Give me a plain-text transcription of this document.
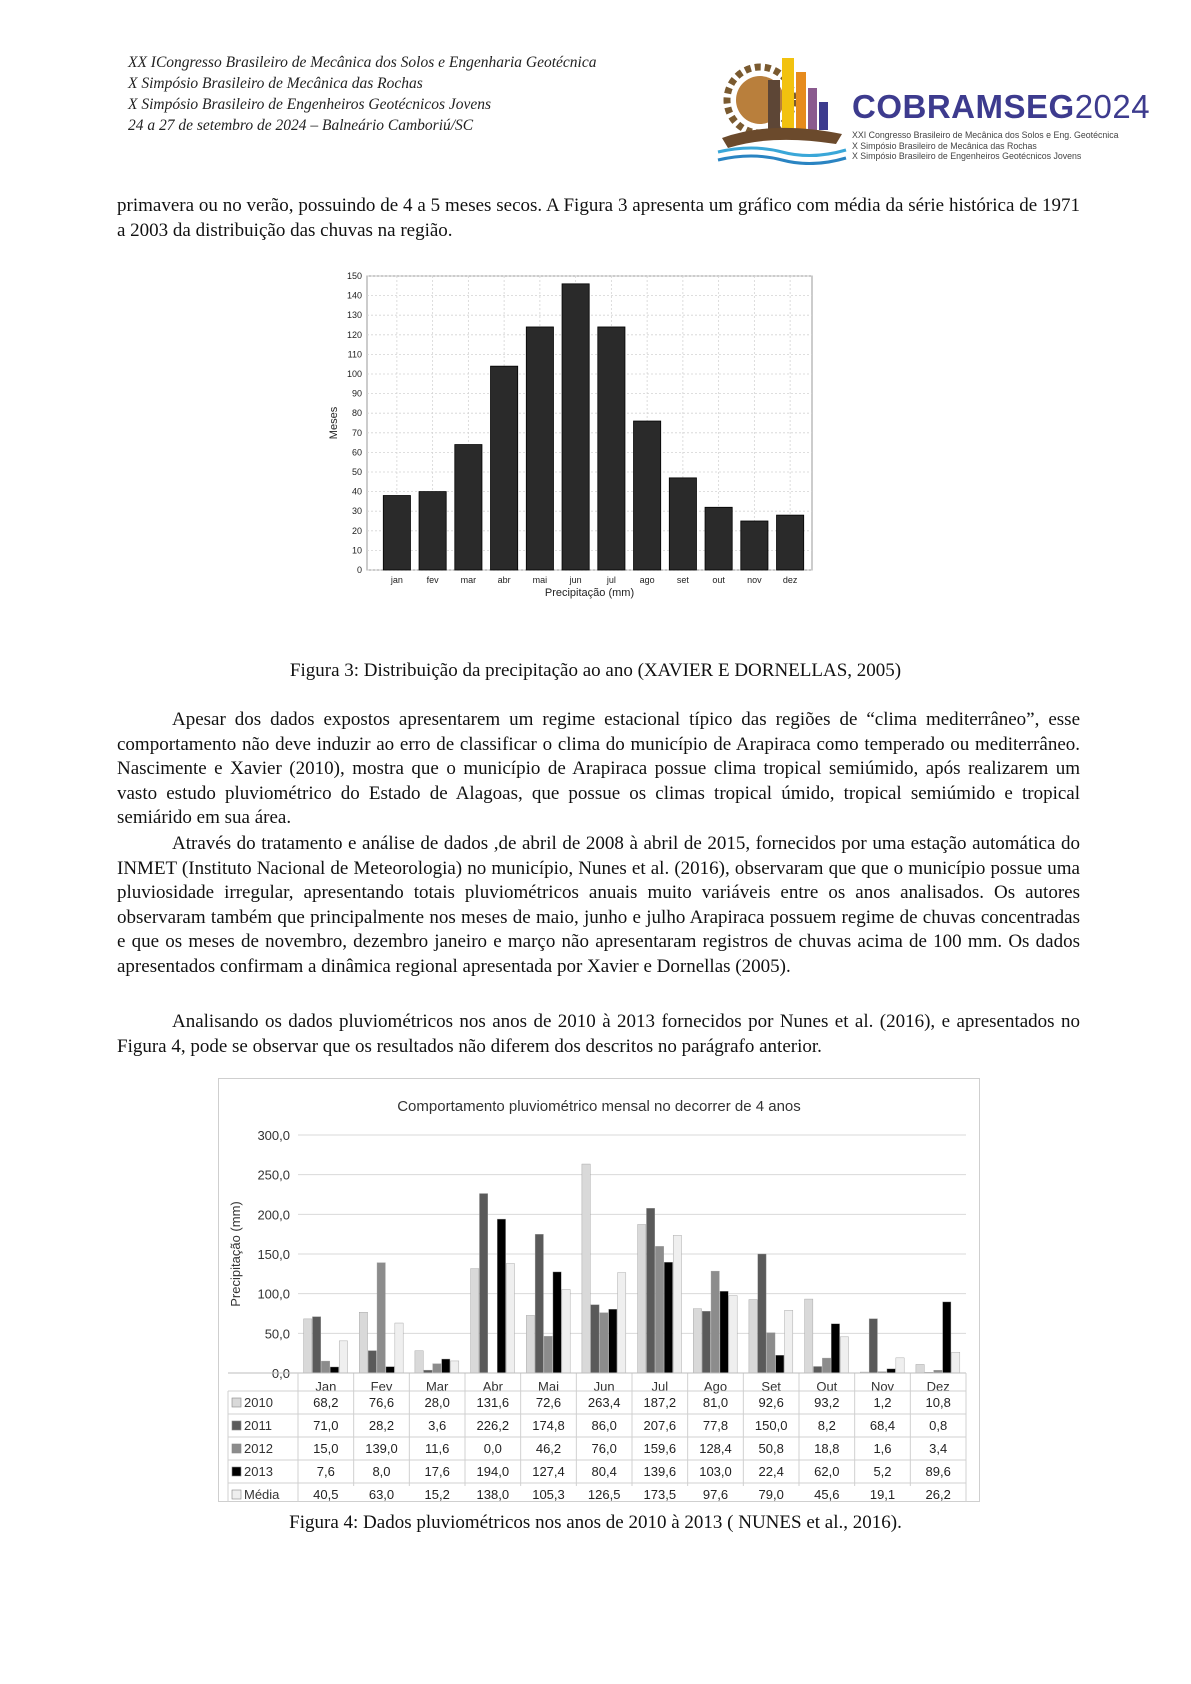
XX ICongresso Brasileiro de Mecânica dos Solos e Engenharia Geotécnica
X Simpósio Brasileiro de Mecânica das Rochas
X Simpósio Brasileiro de Engenheiros Geotécnicos Jovens
24 a 27 de setembro de 2024 – Balneário Camboriú/SC
COBRAMSEG2024
XXI Congresso Brasileiro de Mecânica dos Solos e Eng. Geotécnica
X Simpósio Brasileiro de Mecânica das Rochas
X Simpósio Brasileiro de Engenheiros Geotécnicos Jovens

primavera ou no verão, possuindo de 4 a 5 meses secos. A Figura 3 apresenta um gráfico com média da série histórica de 1971 a 2003 da distribuição das chuvas na região.

0
10
20
30
40
50
60
70
80
90
100
110
120
130
140
150
jan	fev mar abr mai jun	jul	ago set	out nov dez
Precipitação (mm)
Meses
Figura 3: Distribuição da precipitação ao ano (XAVIER E DORNELLAS, 2005)

Apesar dos dados expostos apresentarem um regime estacional típico das regiões de “clima mediterrâneo”, esse comportamento não deve induzir ao erro de classificar o clima do município de Arapiraca como temperado ou mediterrâneo. Nascimente e Xavier (2010), mostra que o município de Arapiraca possue clima tropical semiúmido, após realizarem um vasto estudo pluviométrico do Estado de Alagoas, que possue os climas tropical úmido, tropical semiúmido e tropical semiárido em sua área.

Através do tratamento e análise de dados ,de abril de 2008 à abril de 2015, fornecidos por uma estação automática do INMET (Instituto Nacional de Meteorologia) no município, Nunes et al. (2016), observaram que que o município possue uma pluviosidade irregular, apresentando totais pluviométricos anuais muito variáveis entre os anos analisados. Os autores observaram também que principalmente nos meses de maio, junho e julho Arapiraca possuem regime de chuvas concentradas e que os meses de novembro, dezembro janeiro e março não apresentaram registros de chuvas acima de 100 mm. Os dados apresentados confirmam a dinâmica regional apresentada por Xavier e Dornellas (2005).

Analisando os dados pluviométricos nos anos de 2010 à 2013 fornecidos por Nunes et al. (2016), e apresentados no Figura 4, pode se observar que os resultados não diferem dos descritos no parágrafo anterior.

Comportamento pluviométrico mensal no decorrer de 4 anos
0,0
50,0
100,0
150,0
200,0
250,0
300,0
Precipitação (mm)
Jan	Fev	Mar	Abr	Mai	Jun	Jul	Ago	Set	Out	Nov	Dez
2010	68,2 76,6 28,0 131,6 72,6 263,4 187,2 81,0 92,6 93,2	1,2	10,8
2011	71,0 28,2	3,6 226,2 174,8 86,0 207,6 77,8 150,0 8,2	68,4	0,8
2012	15,0 139,0 11,6	0,0	46,2 76,0 159,6 128,4 50,8 18,8	1,6	3,4
2013	7,6	8,0	17,6 194,0 127,4 80,4 139,6 103,0 22,4 62,0	5,2	89,6
Média	40,5 63,0 15,2 138,0 105,3 126,5 173,5 97,6 79,0 45,6 19,1 26,2
Figura 4: Dados pluviométricos nos anos de 2010 à 2013 ( NUNES et al., 2016).
